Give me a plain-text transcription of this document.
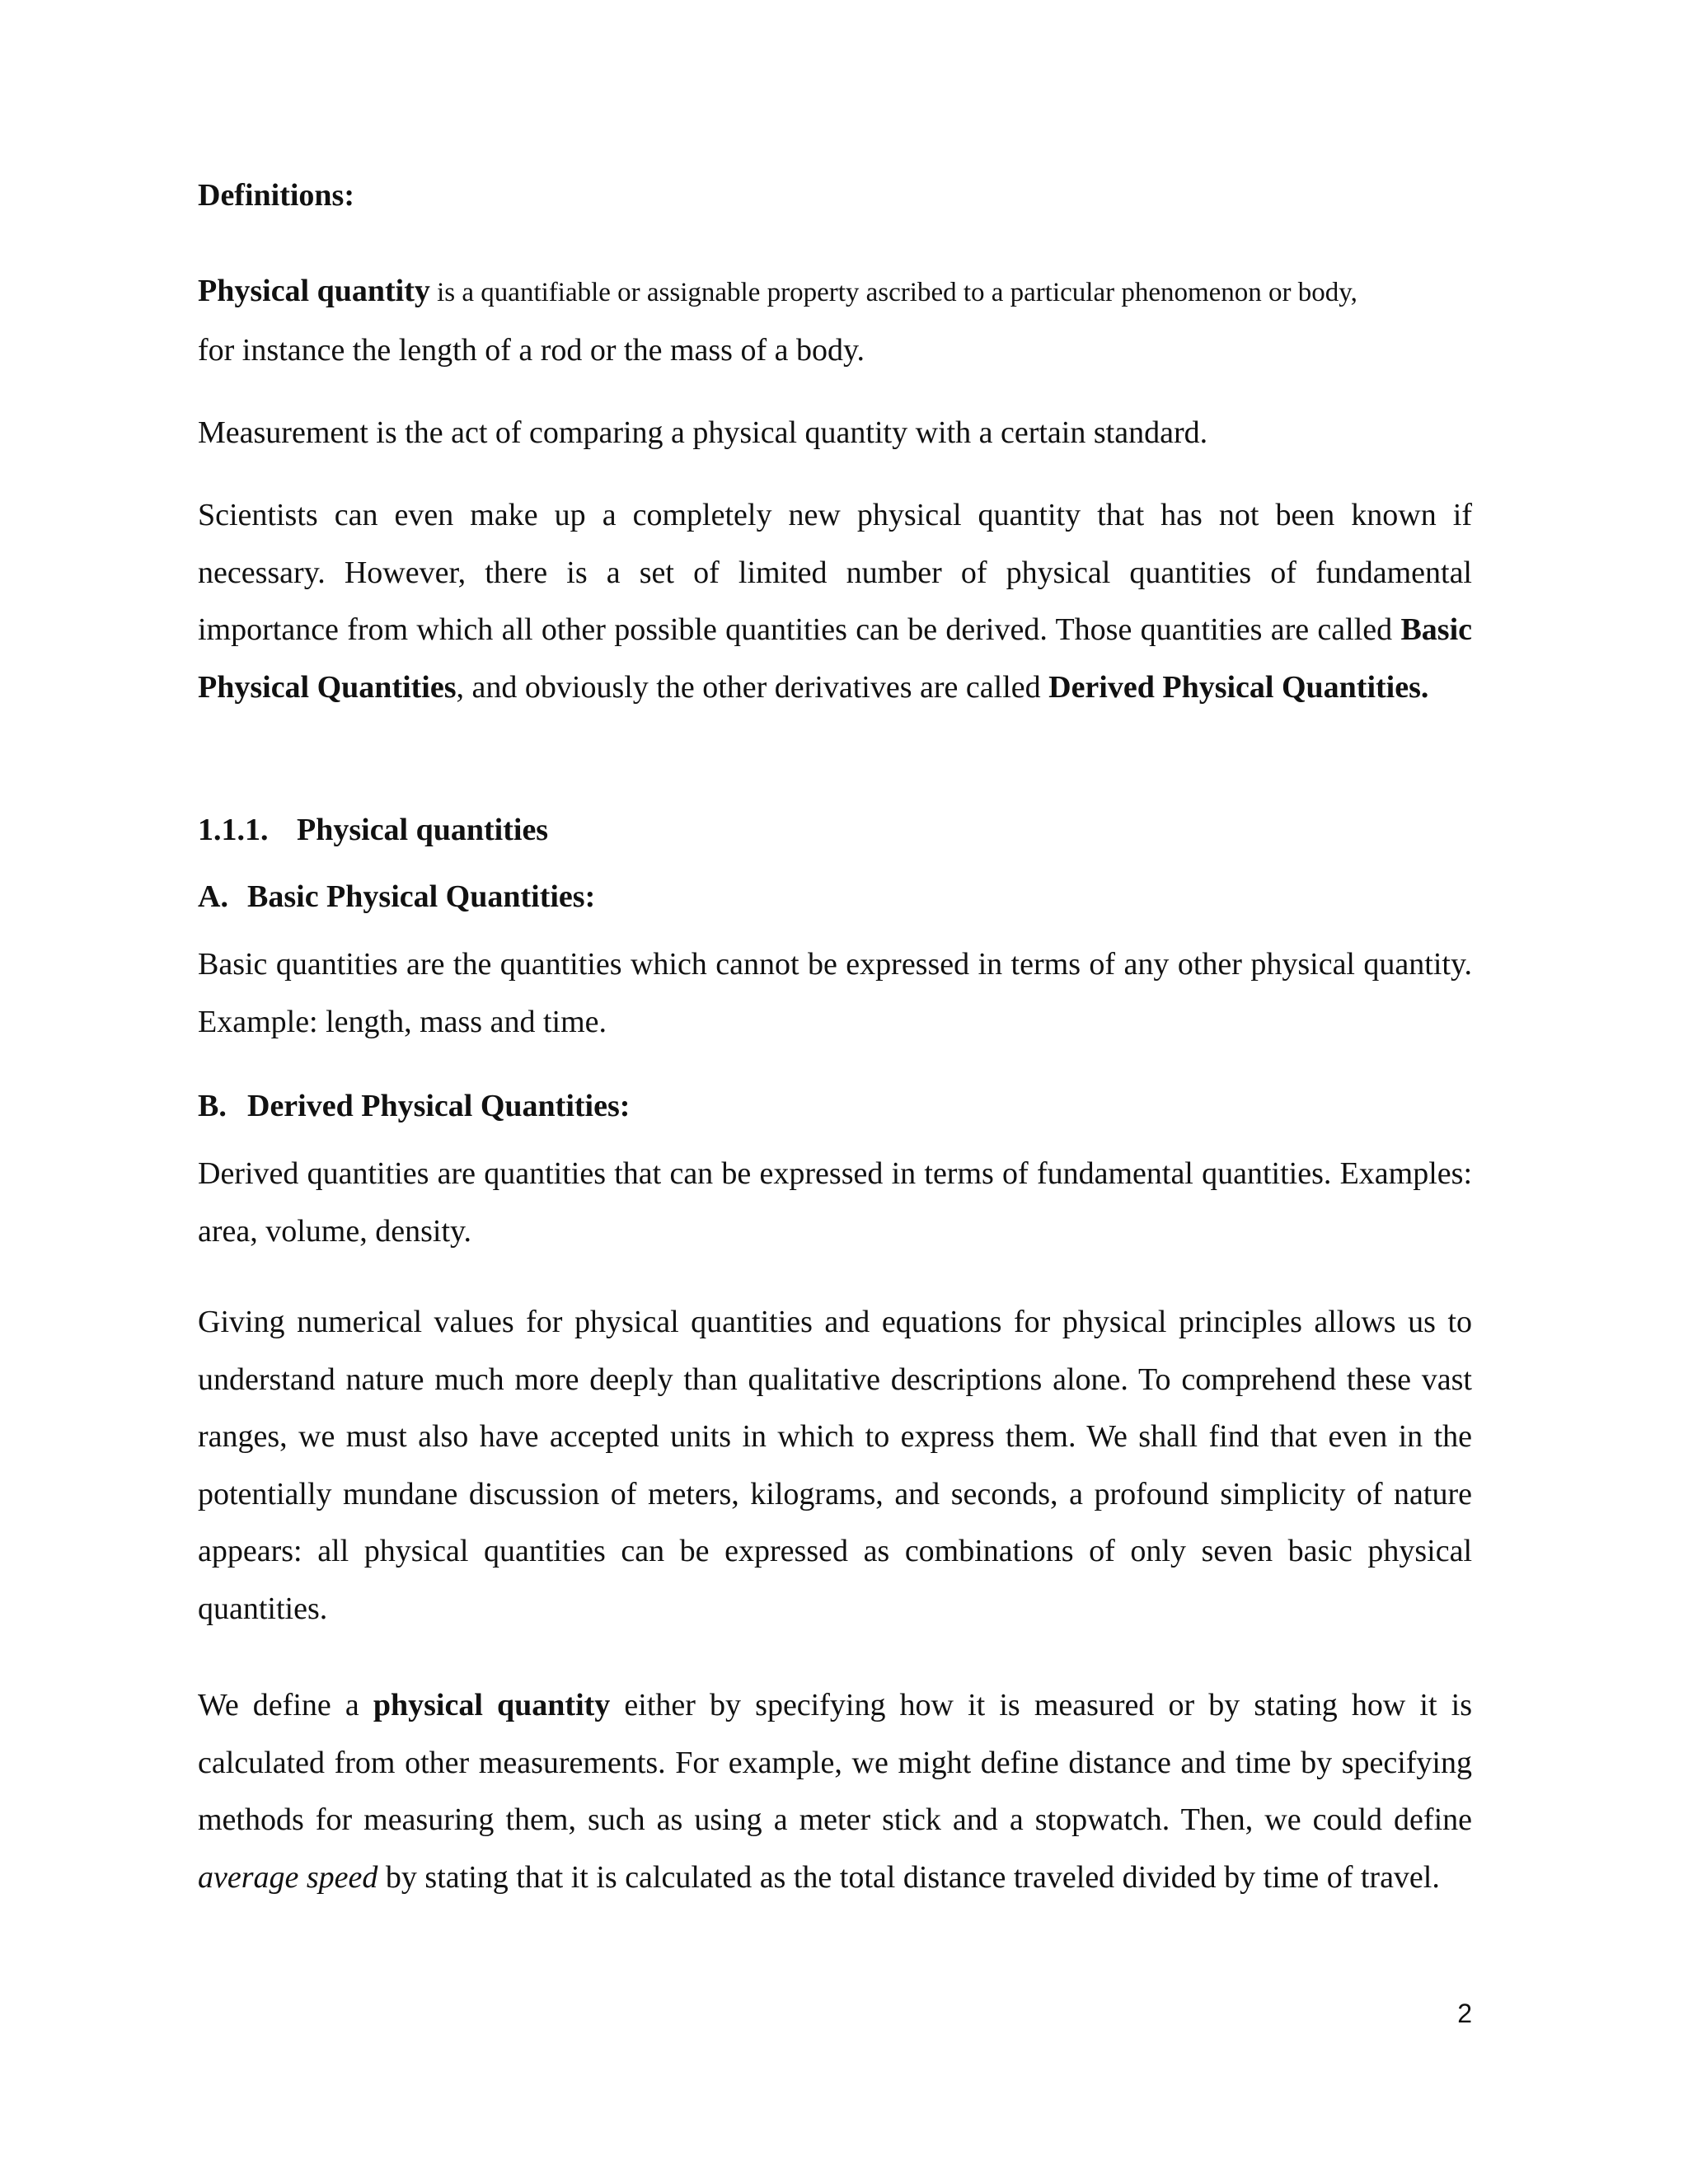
Definitions:

Physical quantity is a quantifiable or assignable property ascribed to a particular phenomenon or body,
for instance the length of a rod or the mass of a body.

Measurement is the act of comparing a physical quantity with a certain standard.

Scientists can even make up a completely new physical quantity that has not been known if necessary. However, there is a set of limited number of physical quantities of fundamental importance from which all other possible quantities can be derived. Those quantities are called Basic Physical Quantities, and obviously the other derivatives are called Derived Physical Quantities.

1.1.1. Physical quantities
A. Basic Physical Quantities:

Basic quantities are the quantities which cannot be expressed in terms of any other physical quantity. Example: length, mass and time.

B. Derived Physical Quantities:

Derived quantities are quantities that can be expressed in terms of fundamental quantities. Examples: area, volume, density.

Giving numerical values for physical quantities and equations for physical principles allows us to understand nature much more deeply than qualitative descriptions alone. To comprehend these vast ranges, we must also have accepted units in which to express them. We shall find that even in the potentially mundane discussion of meters, kilograms, and seconds, a profound simplicity of nature appears: all physical quantities can be expressed as combinations of only seven basic physical quantities.

We define a physical quantity either by specifying how it is measured or by stating how it is calculated from other measurements. For example, we might define distance and time by specifying methods for measuring them, such as using a meter stick and a stopwatch. Then, we could define average speed by stating that it is calculated as the total distance traveled divided by time of travel.

2
